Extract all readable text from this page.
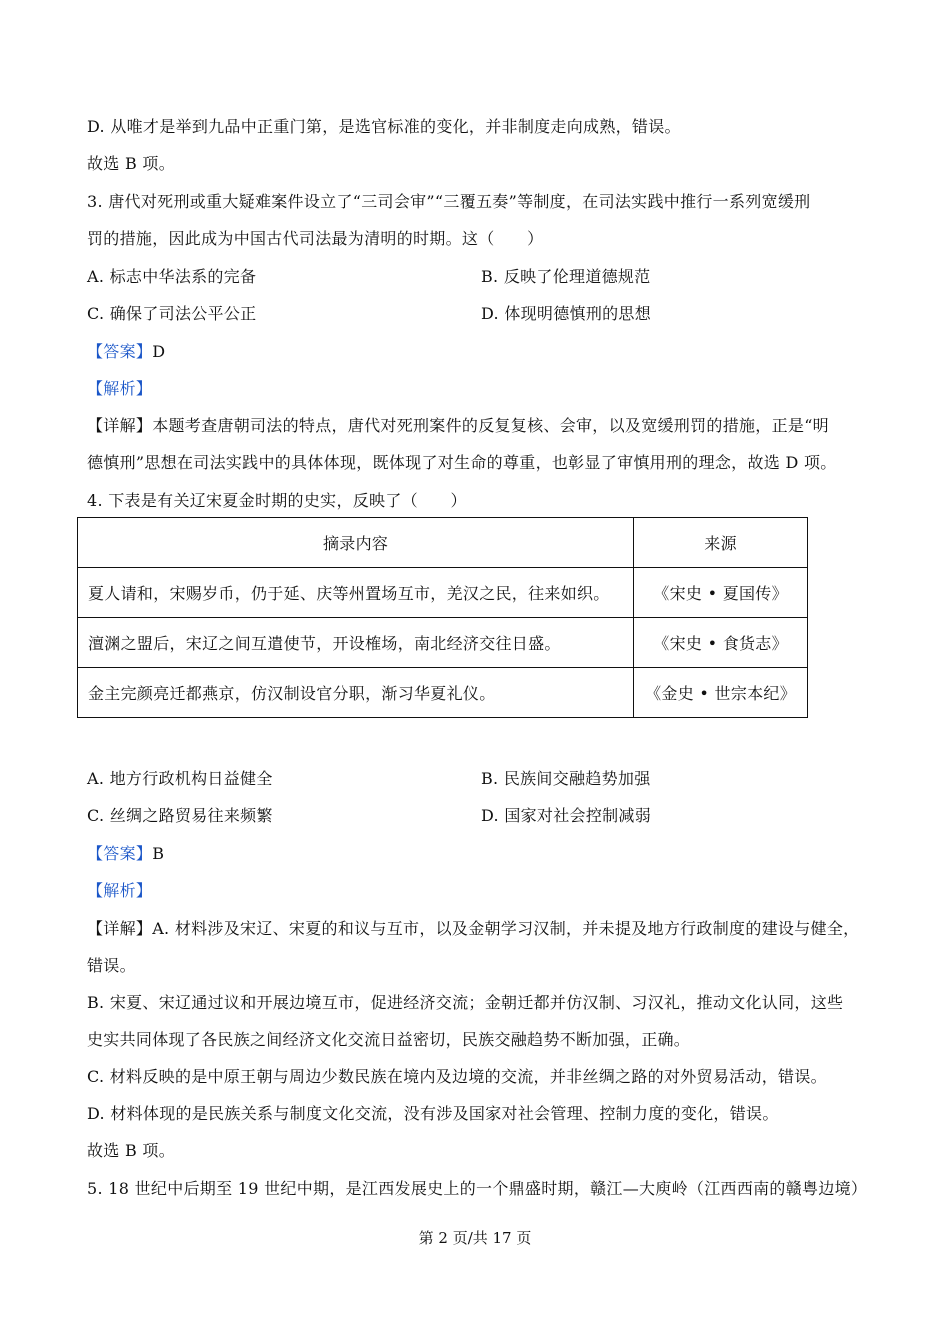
D. 从唯才是举到九品中正重门第，是选官标准的变化，并非制度走向成熟，错误。
故选 B 项。
3. 唐代对死刑或重大疑难案件设立了“三司会审”“三覆五奏”等制度，在司法实践中推行一系列宽缓刑
罚的措施，因此成为中国古代司法最为清明的时期。这（　　）
A. 标志中华法系的完备	B. 反映了伦理道德规范
C. 确保了司法公平公正	D. 体现明德慎刑的思想
【答案】D
【解析】
【详解】本题考查唐朝司法的特点，唐代对死刑案件的反复复核、会审，以及宽缓刑罚的措施，正是“明
德慎刑”思想在司法实践中的具体体现，既体现了对生命的尊重，也彰显了审慎用刑的理念，故选 D 项。
4. 下表是有关辽宋夏金时期的史实，反映了（　　）
摘录内容	来源
夏人请和，宋赐岁币，仍于延、庆等州置场互市，羌汉之民，往来如织。	《宋史 • 夏国传》
澶渊之盟后，宋辽之间互遣使节，开设榷场，南北经济交往日盛。	《宋史 • 食货志》
金主完颜亮迁都燕京，仿汉制设官分职，渐习华夏礼仪。	《金史 • 世宗本纪》
A. 地方行政机构日益健全	B. 民族间交融趋势加强
C. 丝绸之路贸易往来频繁	D. 国家对社会控制减弱
【答案】B
【解析】
【详解】A. 材料涉及宋辽、宋夏的和议与互市，以及金朝学习汉制，并未提及地方行政制度的建设与健全，
错误。
B. 宋夏、宋辽通过议和开展边境互市，促进经济交流；金朝迁都并仿汉制、习汉礼，推动文化认同，这些
史实共同体现了各民族之间经济文化交流日益密切，民族交融趋势不断加强，正确。
C. 材料反映的是中原王朝与周边少数民族在境内及边境的交流，并非丝绸之路的对外贸易活动，错误。
D. 材料体现的是民族关系与制度文化交流，没有涉及国家对社会管理、控制力度的变化，错误。
故选 B 项。
5. 18 世纪中后期至 19 世纪中期，是江西发展史上的一个鼎盛时期，赣江—大庾岭（江西西南的赣粤边境）
第 2 页/共 17 页
